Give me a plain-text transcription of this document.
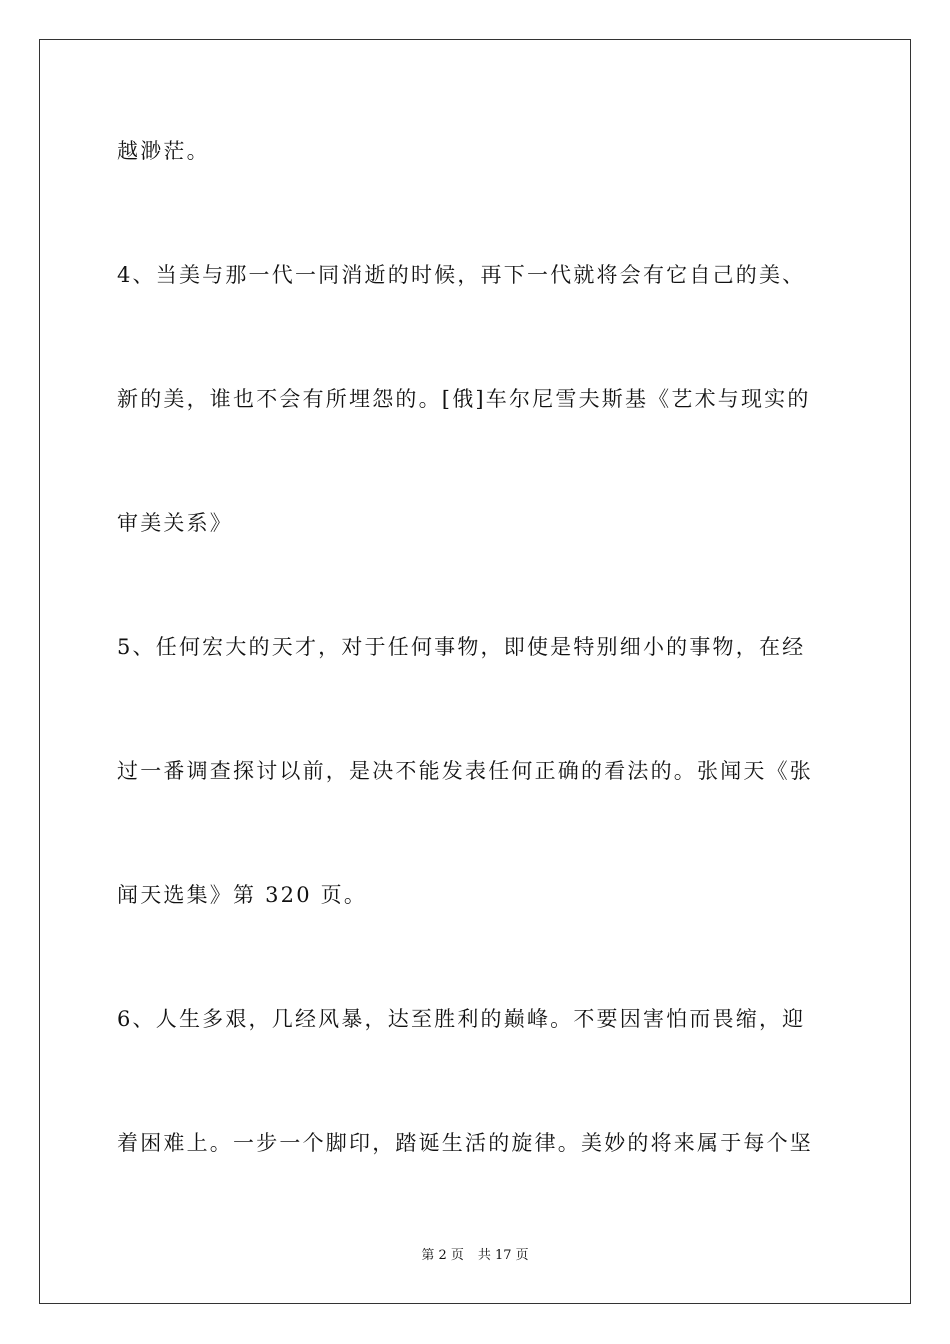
越渺茫。
4、当美与那一代一同消逝的时候，再下一代就将会有它自己的美、
新的美，谁也不会有所埋怨的。[俄]车尔尼雪夫斯基《艺术与现实的
审美关系》
5、任何宏大的天才，对于任何事物，即使是特别细小的事物，在经
过一番调查探讨以前，是决不能发表任何正确的看法的。张闻天《张
闻天选集》第 320 页。
6、人生多艰，几经风暴，达至胜利的巅峰。不要因害怕而畏缩，迎
着困难上。一步一个脚印，踏诞生活的旋律。美妙的将来属于每个坚
第 2 页 共 17 页
